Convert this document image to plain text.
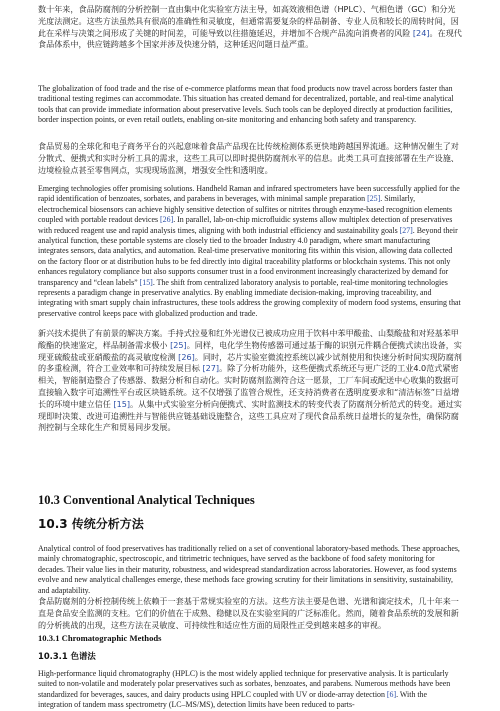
数十年来，食品防腐剂的分析控制一直由集中化实验室方法主导，如高效液相色谱（HPLC）、气相色谱（GC）和分光光度法测定。这些方法虽然具有很高的准确性和灵敏度，但通常需要复杂的样品制备、专业人员和较长的周转时间，因此在采样与决策之间形成了关键的时间差，可能导致以往措施延迟，并增加不合规产品流向消费者的风险 [24]。在现代食品体系中，供应链跨越多个国家并涉及快速分销，这种延迟问题日益严重。

The globalization of food trade and the rise of e-commerce platforms mean that food products now travel across borders faster than traditional testing regimes can accommodate. This situation has created demand for decentralized, portable, and real-time analytical tools that can provide immediate information about preservative levels. Such tools can be deployed directly at production facilities, border inspection points, or even retail outlets, enabling on-site monitoring and enhancing both safety and transparency.

食品贸易的全球化和电子商务平台的兴起意味着食品产品现在比传统检测体系更快地跨越国界流通。这种情况催生了对分散式、便携式和实时分析工具的需求，这些工具可以即时提供防腐剂水平的信息。此类工具可直接部署在生产设施、边境检验点甚至零售网点，实现现场监测，增强安全性和透明度。

Emerging technologies offer promising solutions. Handheld Raman and infrared spectrometers have been successfully applied for the rapid identification of benzoates, sorbates, and parabens in beverages, with minimal sample preparation [25]. Similarly, electrochemical biosensors can achieve highly sensitive detection of sulfites or nitrites through enzyme-based recognition elements coupled with portable readout devices [26]. In parallel, lab-on-chip microfluidic systems allow multiplex detection of preservatives with reduced reagent use and rapid analysis times, aligning with both industrial efficiency and sustainability goals [27]. Beyond their analytical function, these portable systems are closely tied to the broader Industry 4.0 paradigm, where smart manufacturing integrates sensors, data analytics, and automation. Real-time preservative monitoring fits within this vision, allowing data collected on the factory floor or at distribution hubs to be fed directly into digital traceability platforms or blockchain systems. This not only enhances regulatory compliance but also supports consumer trust in a food environment increasingly characterized by demand for transparency and “clean labels” [15]. The shift from centralized laboratory analysis to portable, real-time monitoring technologies represents a paradigm change in preservative analytics. By enabling immediate decision-making, improving traceability, and integrating with smart supply chain infrastructures, these tools address the growing complexity of modern food systems, ensuring that preservative control keeps pace with globalized production and trade.

新兴技术提供了有前景的解决方案。手持式拉曼和红外光谱仪已被成功应用于饮料中苯甲酸盐、山梨酸盐和对羟基苯甲酸酯的快速鉴定，样品制备需求极小 [25]。同样，电化学生物传感器可通过基于酶的识别元件耦合便携式读出设备，实现亚硫酸盐或亚硝酸盐的高灵敏度检测 [26]。同时，芯片实验室微流控系统以减少试剂使用和快速分析时间实现防腐剂的多重检测，符合工业效率和可持续发展目标 [27]。除了分析功能外，这些便携式系统还与更广泛的工业4.0范式紧密相关，智能制造整合了传感器、数据分析和自动化。实时防腐剂监测符合这一愿景，工厂车间或配送中心收集的数据可直接输入数字可追溯性平台或区块链系统。这不仅增强了监管合规性，还支持消费者在透明度要求和“清洁标签”日益增长的环境中建立信任 [15]。从集中式实验室分析向便携式、实时监测技术的转变代表了防腐剂分析范式的转变。通过实现即时决策、改进可追溯性并与智能供应链基础设施整合，这些工具应对了现代食品系统日益增长的复杂性，确保防腐剂控制与全球化生产和贸易同步发展。

10.3 Conventional Analytical Techniques
10.3 传统分析方法

Analytical control of food preservatives has traditionally relied on a set of conventional laboratory-based methods. These approaches, mainly chromatographic, spectroscopic, and titrimetric techniques, have served as the backbone of food safety monitoring for decades. Their value lies in their maturity, robustness, and widespread standardization across laboratories. However, as food systems evolve and new analytical challenges emerge, these methods face growing scrutiny for their limitations in sensitivity, sustainability, and adaptability.

食品防腐剂的分析控制传统上依赖于一套基于常规实验室的方法。这些方法主要是色谱、光谱和滴定技术，几十年来一直是食品安全监测的支柱。它们的价值在于成熟、稳健以及在实验室间的广泛标准化。然而，随着食品系统的发展和新的分析挑战的出现，这些方法在灵敏度、可持续性和适应性方面的局限性正受到越来越多的审视。

10.3.1 Chromatographic Methods
10.3.1 色谱法

High-performance liquid chromatography (HPLC) is the most widely applied technique for preservative analysis. It is particularly suited to non-volatile and moderately polar preservatives such as sorbates, benzoates, and parabens. Numerous methods have been standardized for beverages, sauces, and dairy products using HPLC coupled with UV or diode-array detection [6]. With the integration of tandem mass spectrometry (LC–MS/MS), detection limits have been reduced to parts-
